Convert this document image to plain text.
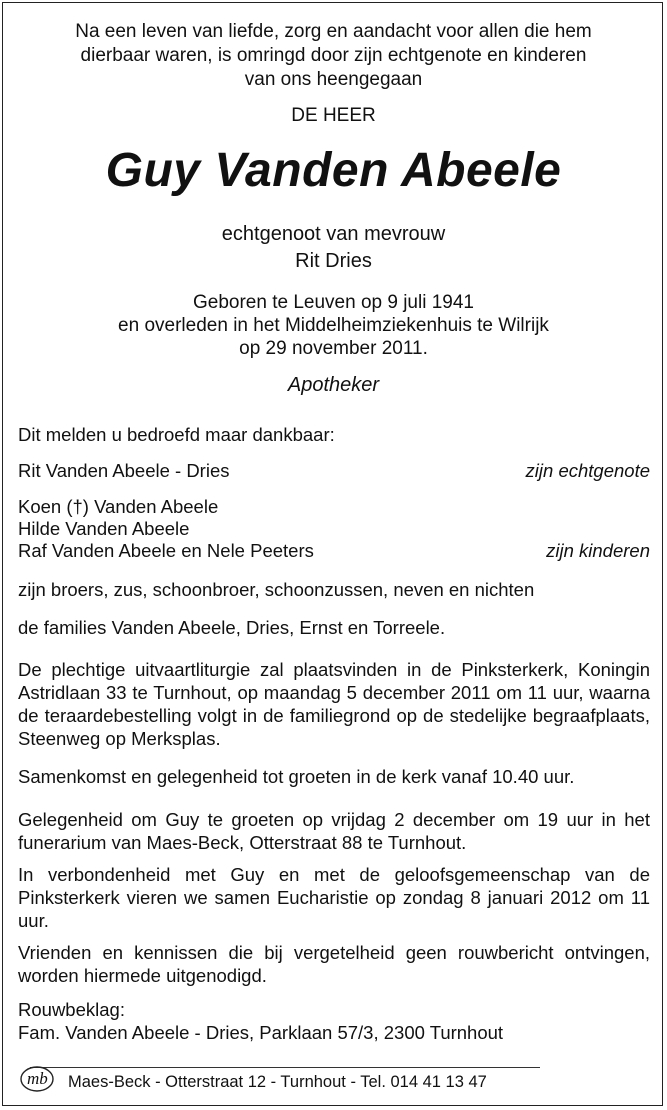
Na een leven van liefde, zorg en aandacht voor allen die hem
dierbaar waren, is omringd door zijn echtgenote en kinderen
van ons heengegaan
DE HEER
Guy Vanden Abeele
echtgenoot van mevrouw
Rit Dries
Geboren te Leuven op 9 juli 1941
en overleden in het Middelheimziekenhuis te Wilrijk
op 29 november 2011.
Apotheker
Dit melden u bedroefd maar dankbaar:
Rit Vanden Abeele - Dries	zijn echtgenote
Koen (†) Vanden Abeele
Hilde Vanden Abeele
Raf Vanden Abeele en Nele Peeters	zijn kinderen
zijn broers, zus, schoonbroer, schoonzussen, neven en nichten
de families Vanden Abeele, Dries, Ernst en Torreele.
De plechtige uitvaartliturgie zal plaatsvinden in de Pinksterkerk, Koningin Astridlaan 33 te Turnhout, op maandag 5 december 2011 om 11 uur, waarna de teraardebestelling volgt in de familiegrond op de stedelijke begraafplaats, Steenweg op Merksplas.
Samenkomst en gelegenheid tot groeten in de kerk vanaf 10.40 uur.
Gelegenheid om Guy te groeten op vrijdag 2 december om 19 uur in het funerarium van Maes-Beck, Otterstraat 88 te Turnhout.
In verbondenheid met Guy en met de geloofsgemeenschap van de Pinksterkerk vieren we samen Eucharistie op zondag 8 januari 2012 om 11 uur.
Vrienden en kennissen die bij vergetelheid geen rouwbericht ontvingen, worden hiermede uitgenodigd.
Rouwbeklag:
Fam. Vanden Abeele - Dries, Parklaan 57/3, 2300 Turnhout
mb Maes-Beck - Otterstraat 12 - Turnhout - Tel. 014 41 13 47
